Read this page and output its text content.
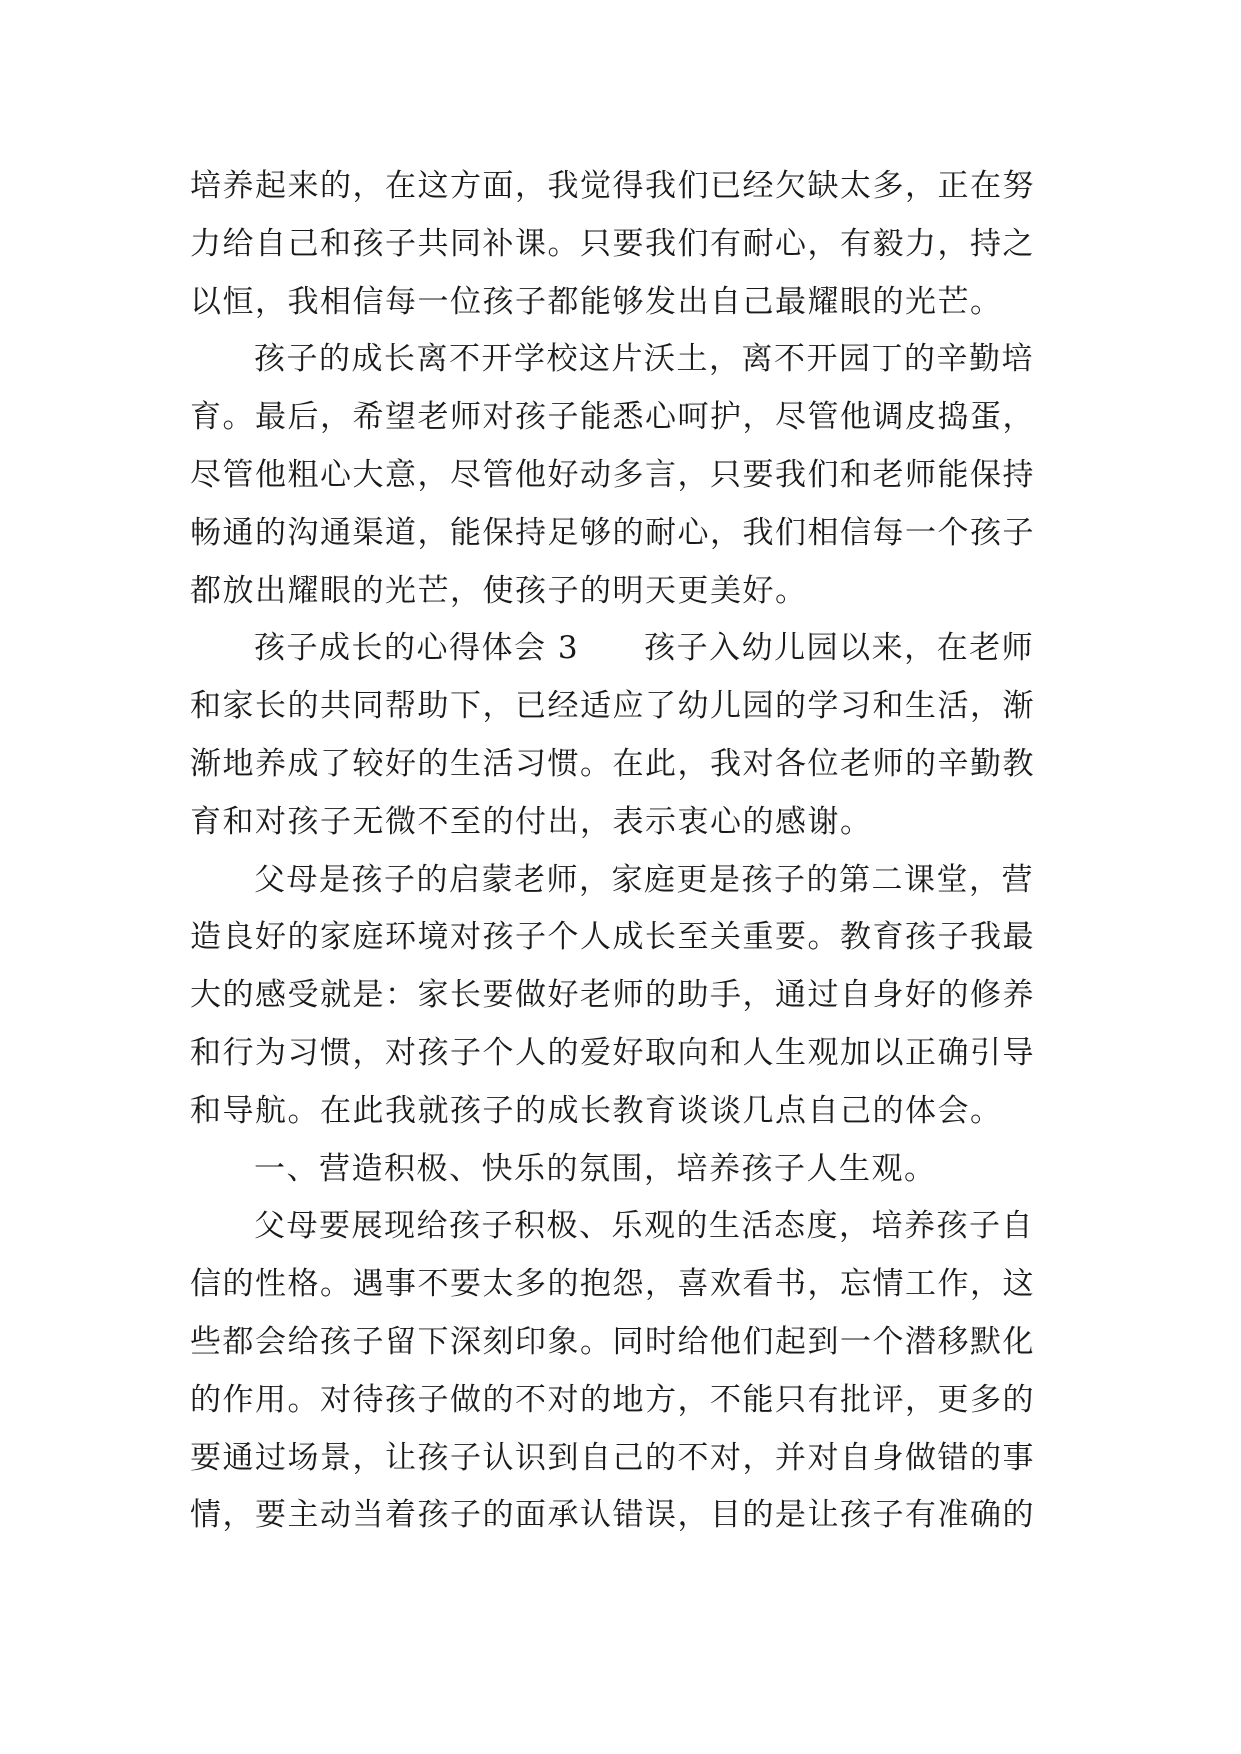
培养起来的，在这方面，我觉得我们已经欠缺太多，正在努
力给自己和孩子共同补课。只要我们有耐心，有毅力，持之
以恒，我相信每一位孩子都能够发出自己最耀眼的光芒。
孩子的成长离不开学校这片沃土，离不开园丁的辛勤培
育。最后，希望老师对孩子能悉心呵护，尽管他调皮捣蛋，
尽管他粗心大意，尽管他好动多言，只要我们和老师能保持
畅通的沟通渠道，能保持足够的耐心，我们相信每一个孩子
都放出耀眼的光芒，使孩子的明天更美好。
孩子成长的心得体会 3　　孩子入幼儿园以来，在老师
和家长的共同帮助下，已经适应了幼儿园的学习和生活，渐
渐地养成了较好的生活习惯。在此，我对各位老师的辛勤教
育和对孩子无微不至的付出，表示衷心的感谢。
父母是孩子的启蒙老师，家庭更是孩子的第二课堂，营
造良好的家庭环境对孩子个人成长至关重要。教育孩子我最
大的感受就是：家长要做好老师的助手，通过自身好的修养
和行为习惯，对孩子个人的爱好取向和人生观加以正确引导
和导航。在此我就孩子的成长教育谈谈几点自己的体会。
一、营造积极、快乐的氛围，培养孩子人生观。
父母要展现给孩子积极、乐观的生活态度，培养孩子自
信的性格。遇事不要太多的抱怨，喜欢看书，忘情工作，这
些都会给孩子留下深刻印象。同时给他们起到一个潜移默化
的作用。对待孩子做的不对的地方，不能只有批评，更多的
要通过场景，让孩子认识到自己的不对，并对自身做错的事
情，要主动当着孩子的面承认错误，目的是让孩子有准确的
